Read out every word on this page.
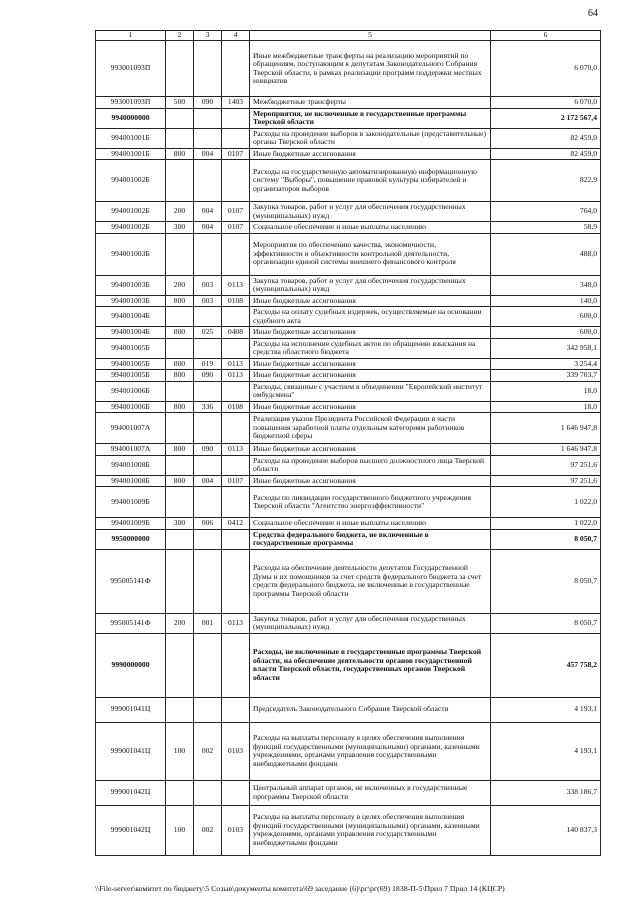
64
1	2	3	4	5	6
993001093П				Иные межбюджетные трансферты на реализацию мероприятий по обращениям, поступающим к депутатам Законодательного Собрания Тверской области, в рамках реализации программ поддержки местных инициатив	6 070,0
993001093П	500	090	1403	Межбюджетные трансферты	6 070,0
9940000000				Мероприятия, не включенные в государственные программы Тверской области	2 172 567,4
994001001Б				Расходы на проведение выборов в законодательные (представительные) органы Тверской области	82 459,0
994001001Б	800	004	0107	Иные бюджетные ассигнования	82 459,0
994001002Б				Расходы на государственную автоматизированную информационную систему "Выборы", повышение правовой культуры избирателей и организаторов выборов	822,9
994001002Б	200	004	0107	Закупка товаров, работ и услуг для обеспечения государственных (муниципальных) нужд	764,0
994001002Б	300	004	0107	Социальное обеспечение и иные выплаты населению	58,9
994001003Б				Мероприятия по обеспечению качества, экономичности, эффективности и объективности контрольной деятельности, организации единой системы внешнего финансового контроля	488,0
994001003Б	200	003	0113	Закупка товаров, работ и услуг для обеспечения государственных (муниципальных) нужд	348,0
994001003Б	800	003	0108	Иные бюджетные ассигнования	140,0
994001004Б				Расходы на оплату судебных издержек, осуществляемые на основании судебного акта	600,0
994001004Б	800	025	0408	Иные бюджетные ассигнования	600,0
994001005Б				Расходы на исполнение судебных актов по обращению взыскания на средства областного бюджета	342 958,1
994001005Б	800	019	0113	Иные бюджетные ассигнования	3 254,4
994001005Б	800	090	0113	Иные бюджетные ассигнования	339 703,7
994001006Б				Расходы, связанные с участием в объединении "Европейский институт омбудсмена"	18,0
994001006Б	800	336	0108	Иные бюджетные ассигнования	18,0
994001007А				Реализация указов Президента Российской Федерации в части повышения заработной платы отдельным категориям работников бюджетной сферы	1 646 947,8
994001007А	800	090	0113	Иные бюджетные ассигнования	1 646 947,8
994001008Б				Расходы на проведение выборов высшего должностного лица Тверской области	97 251,6
994001008Б	800	004	0107	Иные бюджетные ассигнования	97 251,6
994001009Б				Расходы по ликвидации государственного бюджетного учреждения Тверской области "Агентство энергоэффективности"	1 022,0
994001009Б	300	006	0412	Социальное обеспечение и иные выплаты населению	1 022,0
9950000000				Средства федерального бюджета, не включенные в государственные программы	8 050,7
995005141Ф				Расходы на обеспечение деятельности депутатов Государственной Думы и их помощников за счет средств федерального бюджета за счет средств федерального бюджета, не включенные в государственные программы Тверской области	8 050,7
995005141Ф	200	001	0113	Закупка товаров, работ и услуг для обеспечения государственных (муниципальных) нужд	8 050,7
9990000000				Расходы, не включенные в государственные программы Тверской области, на обеспечение деятельности органов государственной власти Тверской области, государственных органов Тверской области	457 758,2
999001041Ц				Председатель Законодательного Собрания Тверской области	4 193,1
999001041Ц	100	002	0103	Расходы на выплаты персоналу в целях обеспечения выполнения функций государственными (муниципальными) органами, казенными учреждениями, органами управления государственными внебюджетными фондами	4 193,1
999001042Ц				Центральный аппарат органов, не включенных в государственные программы Тверской области	338 186,7
999001042Ц	100	002	0103	Расходы на выплаты персоналу в целях обеспечения выполнения функций государственными (муниципальными) органами, казенными учреждениями, органами управления государственными внебюджетными фондами	140 837,3
\\File-server\комитет по бюджету\5 Созыв\документы комитета\69 заседание (6)\рг\рг(69) 1838-П-5\Прил 7 Прил 14 (КЦСР)
